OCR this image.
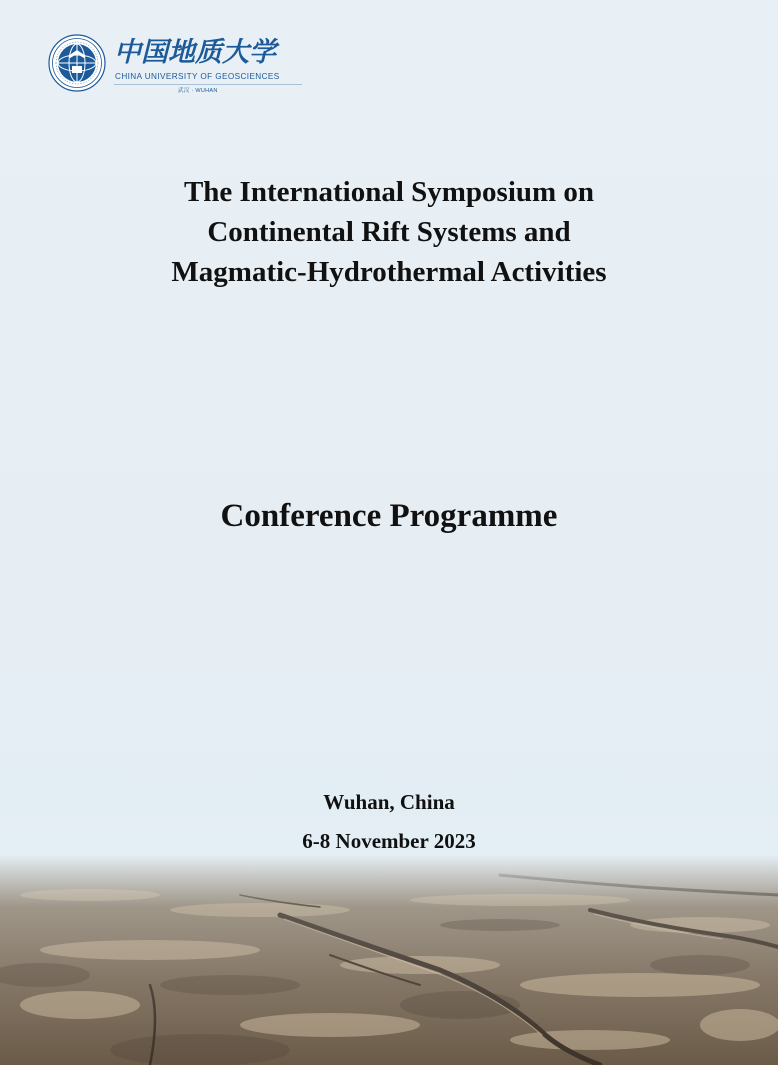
中国地质大学
CHINA UNIVERSITY OF GEOSCIENCES
武汉 · WUHAN
The International Symposium on
Continental Rift Systems and
Magmatic-Hydrothermal Activities
Conference Programme
Wuhan, China
6-8 November 2023
